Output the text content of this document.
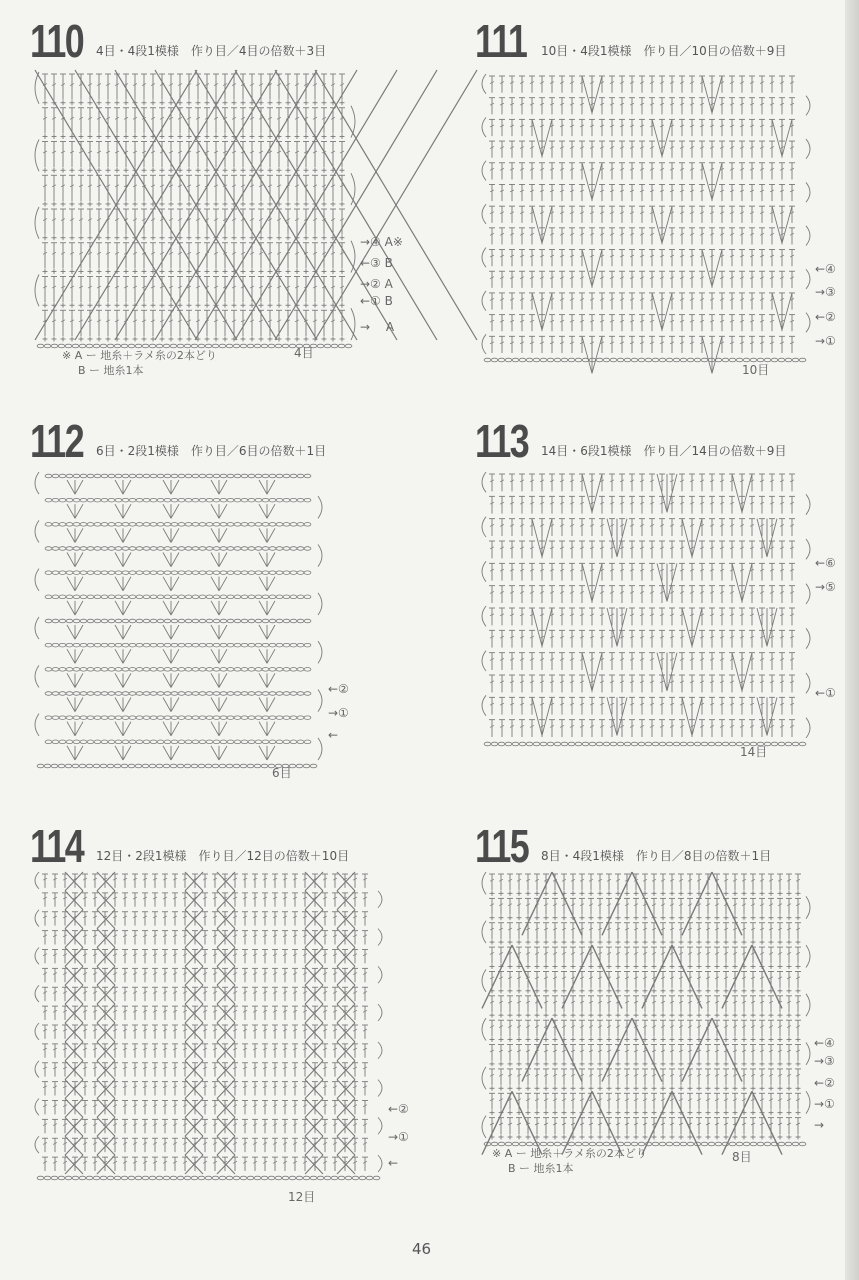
110 4目・4段1模様　作り目／4目の倍数＋3目
→④ A※
←③ B
→② A
←① B
→　 A
4目
※ A ー 地糸＋ラメ糸の2本どり
B ー 地糸1本
111	10目・4段1模様　作り目／10目の倍数＋9目
←④
→③
←②
→①
10目
112 6目・2段1模様　作り目／6目の倍数＋1目
←②
→①
←
6目
113 14目・6段1模様　作り目／14目の倍数＋9目
←⑥
→⑤
←①
14目
114 12目・2段1模様　作り目／12目の倍数＋10目
←②
→①
←
12目
115 8目・4段1模様　作り目／8目の倍数＋1目
←④
→③
←②
→①
→
8目
※ A ー 地糸＋ラメ糸の2本どり
B ー 地糸1本
46
